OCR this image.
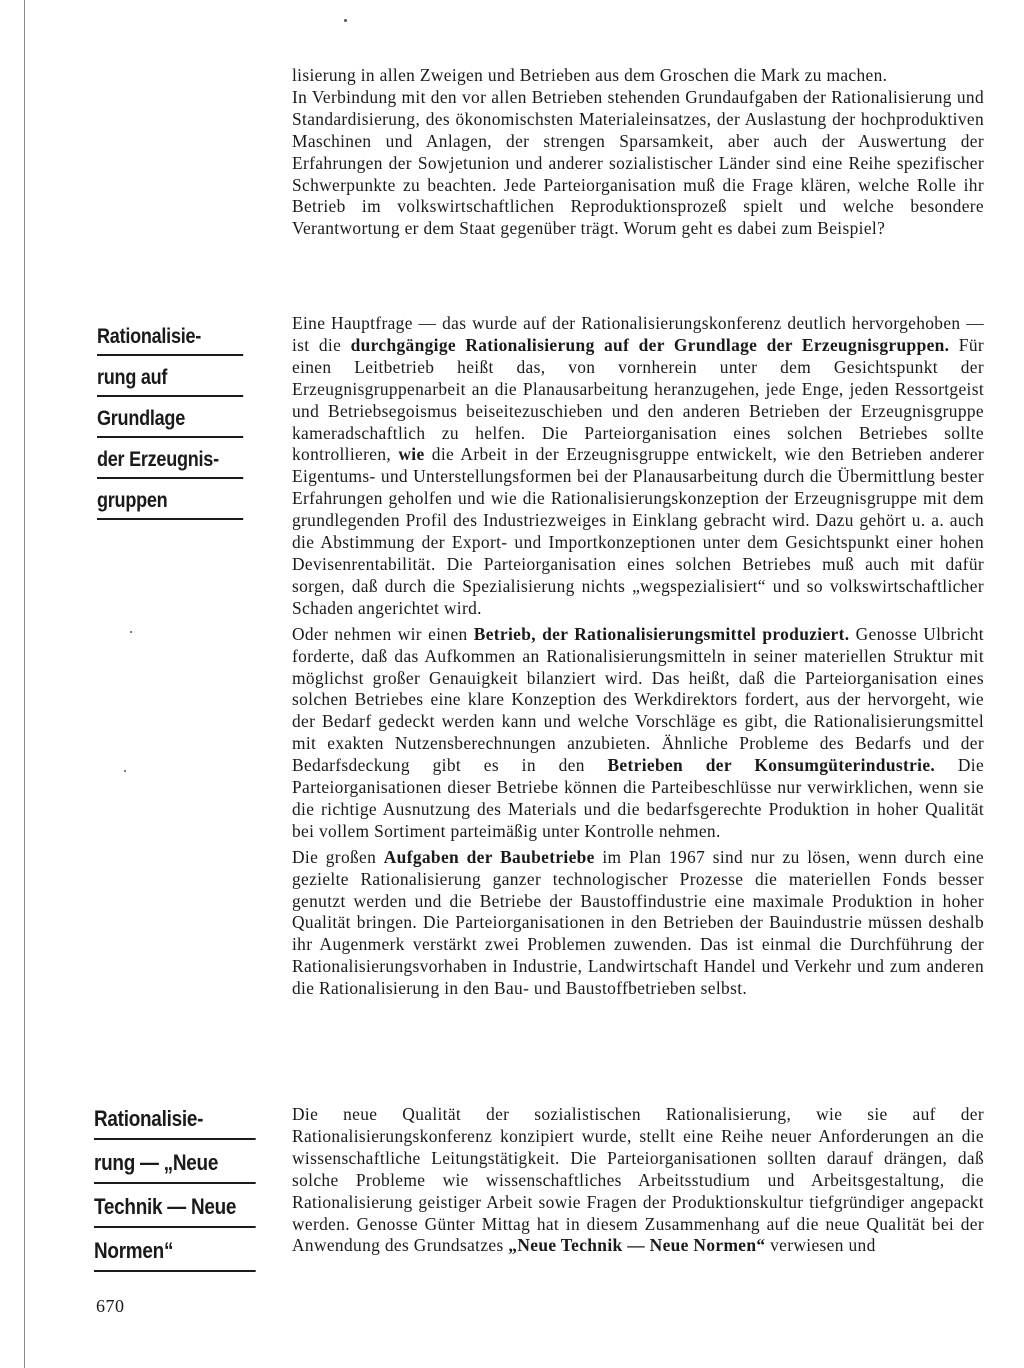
lisierung in allen Zweigen und Betrieben aus dem Groschen die Mark zu machen.

In Verbindung mit den vor allen Betrieben stehenden Grundaufgaben der Rationalisierung und Standardisierung, des ökonomischsten Materialeinsatzes, der Auslastung der hochproduktiven Maschinen und Anlagen, der strengen Sparsamkeit, aber auch der Auswertung der Erfahrungen der Sowjetunion und anderer sozialistischer Länder sind eine Reihe spezifischer Schwerpunkte zu beachten. Jede Parteiorganisation muß die Frage klären, welche Rolle ihr Betrieb im volkswirtschaftlichen Reproduktionsprozeß spielt und welche besondere Verantwortung er dem Staat gegenüber trägt. Worum geht es dabei zum Beispiel?

Eine Hauptfrage — das wurde auf der Rationalisierungskonferenz deutlich hervorgehoben — ist die durchgängige Rationalisierung auf der Grundlage der Erzeugnisgruppen. Für einen Leitbetrieb heißt das, von vornherein unter dem Gesichtspunkt der Erzeugnisgruppenarbeit an die Planausarbeitung heranzugehen, jede Enge, jeden Ressortgeist und Betriebsegoismus beiseitezuschieben und den anderen Betrieben der Erzeugnisgruppe kameradschaftlich zu helfen. Die Parteiorganisation eines solchen Betriebes sollte kontrollieren, wie die Arbeit in der Erzeugnisgruppe entwickelt, wie den Betrieben anderer Eigentums- und Unterstellungsformen bei der Planausarbeitung durch die Übermittlung bester Erfahrungen geholfen und wie die Rationalisierungskonzeption der Erzeugnisgruppe mit dem grundlegenden Profil des Industriezweiges in Einklang gebracht wird. Dazu gehört u. a. auch die Abstimmung der Export- und Importkonzeptionen unter dem Gesichtspunkt einer hohen Devisenrentabilität. Die Parteiorganisation eines solchen Betriebes muß auch mit dafür sorgen, daß durch die Spezialisierung nichts „wegspezialisiert“ und so volkswirtschaftlicher Schaden angerichtet wird.

Oder nehmen wir einen Betrieb, der Rationalisierungsmittel produziert. Genosse Ulbricht forderte, daß das Aufkommen an Rationalisierungsmitteln in seiner materiellen Struktur mit möglichst großer Genauigkeit bilanziert wird. Das heißt, daß die Parteiorganisation eines solchen Betriebes eine klare Konzeption des Werkdirektors fordert, aus der hervorgeht, wie der Bedarf gedeckt werden kann und welche Vorschläge es gibt, die Rationalisierungsmittel mit exakten Nutzensberechnungen anzubieten. Ähnliche Probleme des Bedarfs und der Bedarfsdeckung gibt es in den Betrieben der Konsumgüterindustrie. Die Parteiorganisationen dieser Betriebe können die Parteibeschlüsse nur verwirklichen, wenn sie die richtige Ausnutzung des Materials und die bedarfsgerechte Produktion in hoher Qualität bei vollem Sortiment parteimäßig unter Kontrolle nehmen.

Die großen Aufgaben der Baubetriebe im Plan 1967 sind nur zu lösen, wenn durch eine gezielte Rationalisierung ganzer technologischer Prozesse die materiellen Fonds besser genutzt werden und die Betriebe der Baustoffindustrie eine maximale Produktion in hoher Qualität bringen. Die Parteiorganisationen in den Betrieben der Bauindustrie müssen deshalb ihr Augenmerk verstärkt zwei Problemen zuwenden. Das ist einmal die Durchführung der Rationalisierungsvorhaben in Industrie, Landwirtschaft Handel und Verkehr und zum anderen die Rationalisierung in den Bau- und Baustoffbetrieben selbst.

Die neue Qualität der sozialistischen Rationalisierung, wie sie auf der Rationalisierungskonferenz konzipiert wurde, stellt eine Reihe neuer Anforderungen an die wissenschaftliche Leitungstätigkeit. Die Parteiorganisationen sollten darauf drängen, daß solche Probleme wie wissenschaftliches Arbeitsstudium und Arbeitsgestaltung, die Rationalisierung geistiger Arbeit sowie Fragen der Produktionskultur tiefgründiger angepackt werden. Genosse Günter Mittag hat in diesem Zusammenhang auf die neue Qualität bei der Anwendung des Grundsatzes „Neue Technik — Neue Normen“ verwiesen und

Rationalisie-
rung auf
Grundlage
der Erzeugnis-
gruppen
Rationalisie-
rung — „Neue
Technik — Neue
Normen“
670
